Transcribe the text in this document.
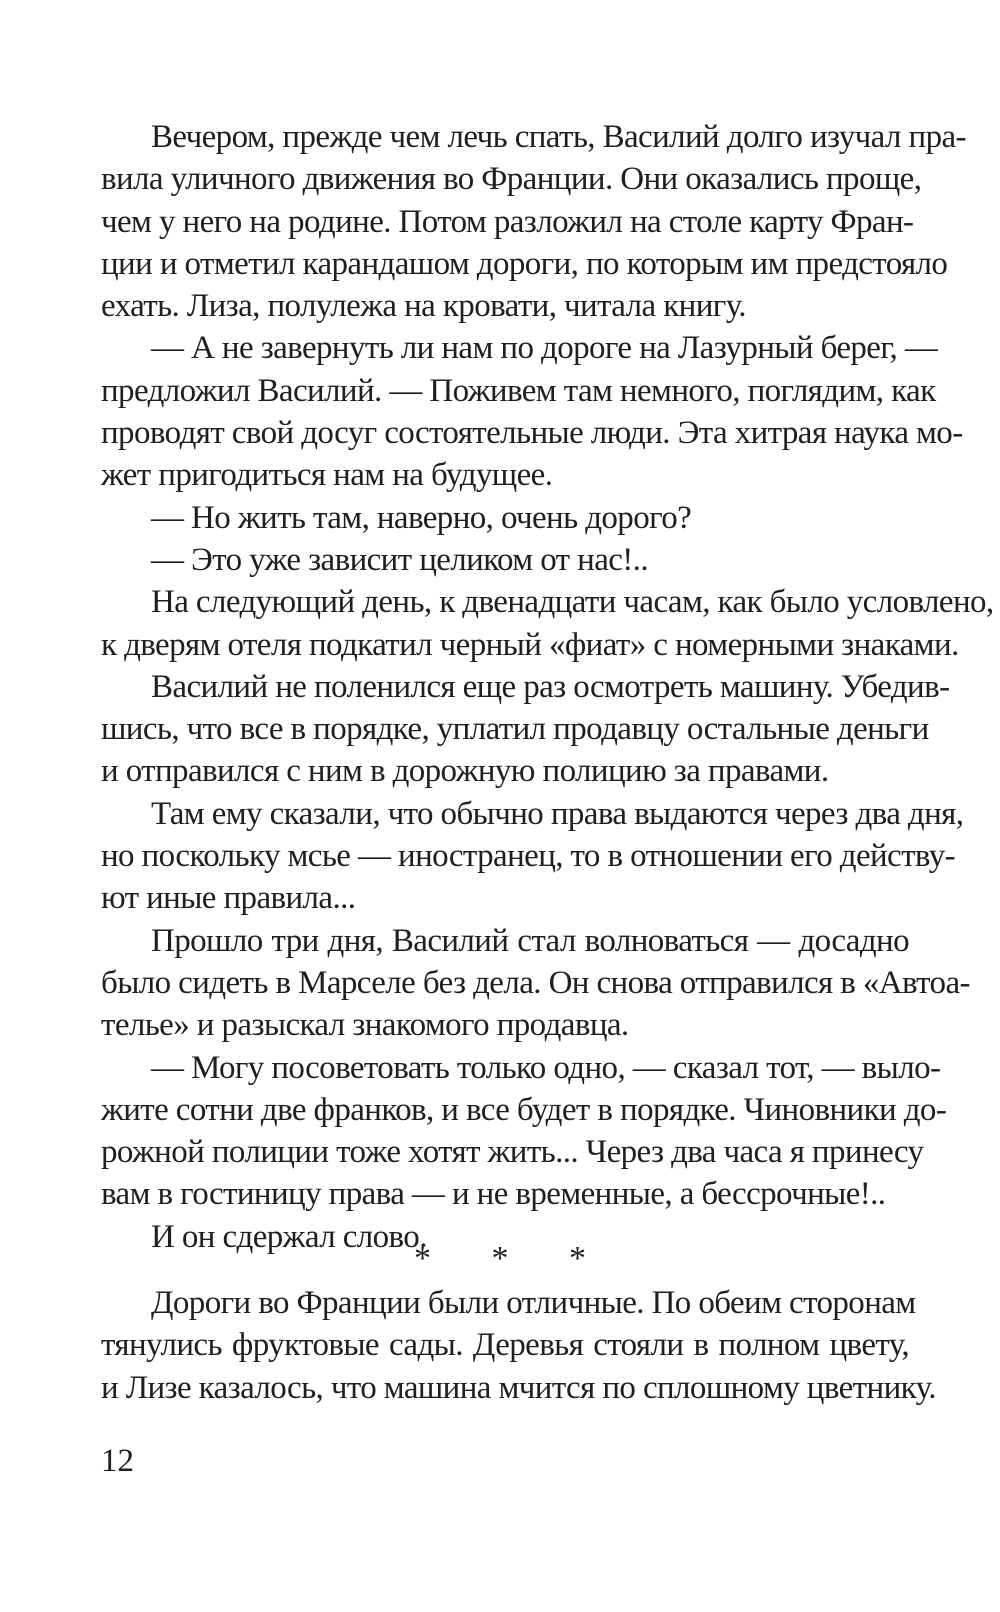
Вечером, прежде чем лечь спать, Василий долго изучал пра-
вила уличного движения во Франции. Они оказались проще,
чем у него на родине. Потом разложил на столе карту Фран-
ции и отметил карандашом дороги, по которым им предстояло
ехать. Лиза, полулежа на кровати, читала книгу.
— А не завернуть ли нам по дороге на Лазурный берег, —
предложил Василий. — Поживем там немного, поглядим, как
проводят свой досуг состоятельные люди. Эта хитрая наука мо-
жет пригодиться нам на будущее.
— Но жить там, наверно, очень дорого?
— Это уже зависит целиком от нас!..
На следующий день, к двенадцати часам, как было условлено,
к дверям отеля подкатил черный «фиат» с номерными знаками.
Василий не поленился еще раз осмотреть машину. Убедив-
шись, что все в порядке, уплатил продавцу остальные деньги
и отправился с ним в дорожную полицию за правами.
Там ему сказали, что обычно права выдаются через два дня,
но поскольку мсье — иностранец, то в отношении его действу-
ют иные правила...
Прошло три дня, Василий стал волноваться — досадно
было сидеть в Марселе без дела. Он снова отправился в «Автоа-
телье» и разыскал знакомого продавца.
— Могу посоветовать только одно, — сказал тот, — выло-
жите сотни две франков, и все будет в порядке. Чиновники до-
рожной полиции тоже хотят жить... Через два часа я принесу
вам в гостиницу права — и не временные, а бессрочные!..
И он сдержал слово.
* * *
Дороги во Франции были отличные. По обеим сторонам
тянулись фруктовые сады. Деревья стояли в полном цвету,
и Лизе казалось, что машина мчится по сплошному цветнику.
12
